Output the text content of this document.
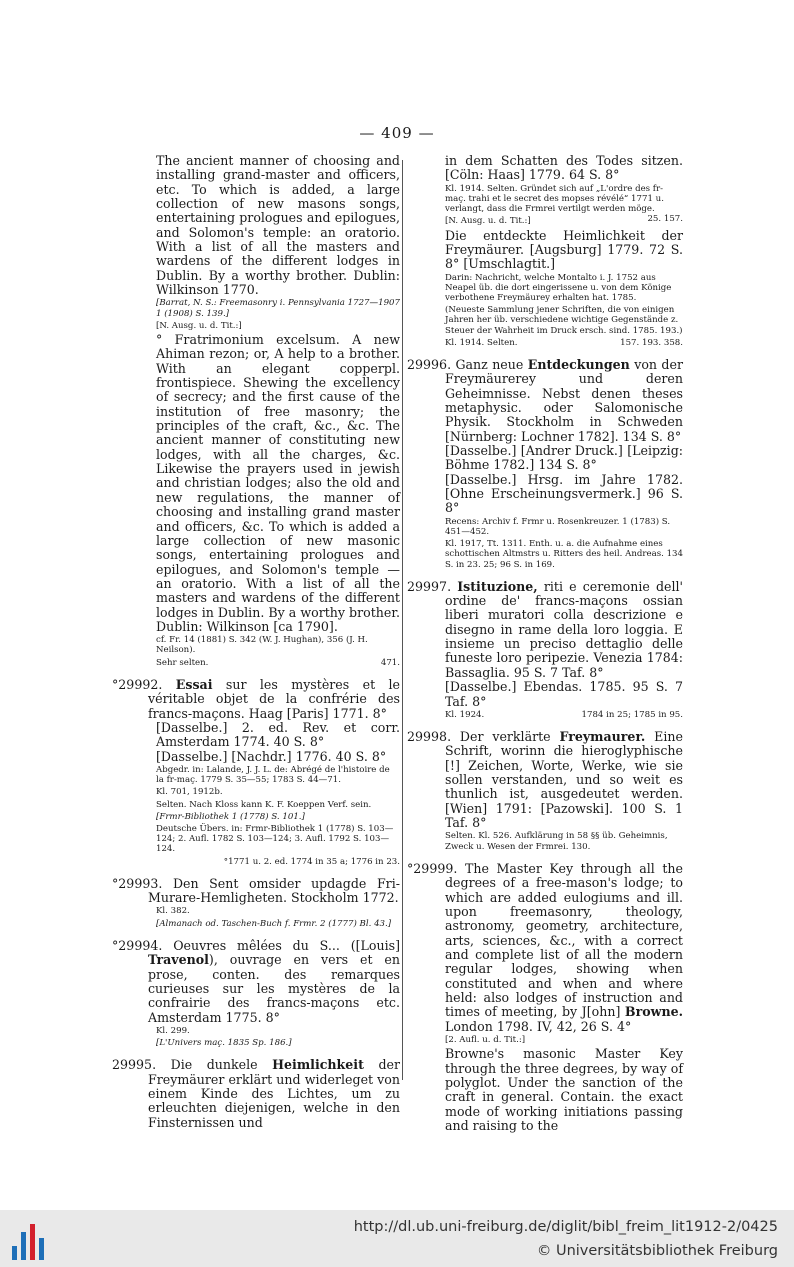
— 409 —

The ancient manner of choosing and installing grand-master and officers, etc. To which is added, a large collection of new masons songs, entertaining prologues and epilogues, and Solomon's temple: an oratorio. With a list of all the masters and wardens of the different lodges in Dublin. By a worthy brother. Dublin: Wilkinson 1770.

[Barrat, N. S.: Freemasonry i. Pennsylvania 1727—1907 1 (1908) S. 139.]

[N. Ausg. u. d. Tit.:]

° Fratrimonium excelsum. A new Ahiman rezon; or, A help to a brother. With an elegant copperpl. frontispiece. Shewing the excellency of secrecy; and the first cause of the institution of free masonry; the principles of the craft, &c., &c. The ancient manner of constituting new lodges, with all the charges, &c. Likewise the prayers used in jewish and christian lodges; also the old and new regulations, the manner of choosing and installing grand master and officers, &c. To which is added a large collection of new masonic songs, entertaining prologues and epilogues, and Solomon's temple — an oratorio. With a list of all the masters and wardens of the different lodges in Dublin. By a worthy brother. Dublin: Wilkinson [ca 1790].

cf. Fr. 14 (1881) S. 342 (W. J. Hughan), 356 (J. H. Neilson).

Sehr selten.	471.

°29992. Essai sur les mystères et le véritable objet de la confrérie des francs-maçons. Haag [Paris] 1771. 8°

[Dasselbe.] 2. ed. Rev. et corr. Amsterdam 1774. 40 S. 8°

[Dasselbe.] [Nachdr.] 1776. 40 S. 8°

Abgedr. in: Lalande, J. J. L. de: Abrégé de l'histoire de la fr-maç. 1779 S. 35—55; 1783 S. 44—71.

Kl. 701, 1912b.

Selten. Nach Kloss kann K. F. Koeppen Verf. sein.

[Frmr-Bibliothek 1 (1778) S. 101.]

Deutsche Übers. in: Frmr-Bibliothek 1 (1778) S. 103—124; 2. Aufl. 1782 S. 103—124; 3. Aufl. 1792 S. 103—124.

°1771 u. 2. ed. 1774 in 35 a; 1776 in 23.

°29993. Den Sent omsider updagde Fri-Murare-Hemligheten. Stockholm 1772.

Kl. 382.

[Almanach od. Taschen-Buch f. Frmr. 2 (1777) Bl. 43.]

°29994. Oeuvres mêlées du S... ([Louis] Travenol), ouvrage en vers et en prose, conten. des remarques curieuses sur les mystères de la confrairie des francs-maçons etc. Amsterdam 1775. 8°

Kl. 299.

[L'Univers maç. 1835 Sp. 186.]

29995. Die dunkele Heimlichkeit der Freymäurer erklärt und widerleget von einem Kinde des Lichtes, um zu erleuchten diejenigen, welche in den Finsternissen und

in dem Schatten des Todes sitzen. [Cöln: Haas] 1779. 64 S. 8°

Kl. 1914. Selten. Gründet sich auf „L'ordre des fr-maç. trahi et le secret des mopses révélé“ 1771 u. verlangt, dass die Frmrei vertilgt werden möge.
25. 157.

[N. Ausg. u. d. Tit.:]

Die entdeckte Heimlichkeit der Freymäurer. [Augsburg] 1779. 72 S. 8° [Umschlagtit.]

Darin: Nachricht, welche Montalto i. J. 1752 aus Neapel üb. die dort eingerissene u. von dem Könige verbothene Freymäurey erhalten hat. 1785.

(Neueste Sammlung jener Schriften, die von einigen Jahren her üb. verschiedene wichtige Gegenstände z. Steuer der Wahrheit im Druck ersch. sind. 1785. 193.)

Kl. 1914. Selten.	157. 193. 358.

29996. Ganz neue Entdeckungen von der Freymäurerey und deren Geheimnisse. Nebst denen theses metaphysic. oder Salomonische Physik. Stockholm in Schweden [Nürnberg: Lochner 1782]. 134 S. 8°

[Dasselbe.] [Andrer Druck.] [Leipzig: Böhme 1782.] 134 S. 8°

[Dasselbe.] Hrsg. im Jahre 1782. [Ohne Erscheinungsvermerk.] 96 S. 8°

Recens: Archiv f. Frmr u. Rosenkreuzer. 1 (1783) S. 451—452.

Kl. 1917, Tt. 1311. Enth. u. a. die Aufnahme eines schottischen Altmstrs u. Ritters des heil. Andreas. 134 S. in 23. 25; 96 S. in 169.

29997. Istituzione, riti e ceremonie dell' ordine de' francs-maçons ossian liberi muratori colla descrizione e disegno in rame della loro loggia. E insieme un preciso dettaglio delle funeste loro peripezie. Venezia 1784: Bassaglia. 95 S. 7 Taf. 8°

[Dasselbe.] Ebendas. 1785. 95 S. 7 Taf. 8°

Kl. 1924.	1784 in 25; 1785 in 95.

29998. Der verklärte Freymaurer. Eine Schrift, worinn die hieroglyphische [!] Zeichen, Worte, Werke, wie sie sollen verstanden, und so weit es thunlich ist, ausgedeutet werden. [Wien] 1791: [Pazowski]. 100 S. 1 Taf. 8°

Selten. Kl. 526. Aufklärung in 58 §§ üb. Geheimnis, Zweck u. Wesen der Frmrei. 130.

°29999. The Master Key through all the degrees of a free-mason's lodge; to which are added eulogiums and ill. upon freemasonry, theology, astronomy, geometry, architecture, arts, sciences, &c., with a correct and complete list of all the modern regular lodges, showing when constituted and when and where held: also lodges of instruction and times of meeting, by J[ohn] Browne. London 1798. IV, 42, 26 S. 4°

[2. Aufl. u. d. Tit.:]

Browne's masonic Master Key through the three degrees, by way of polyglot. Under the sanction of the craft in general. Contain. the exact mode of working initiations passing and raising to the

http://dl.ub.uni-freiburg.de/diglit/bibl_freim_lit1912-2/0425
© Universitätsbibliothek Freiburg
